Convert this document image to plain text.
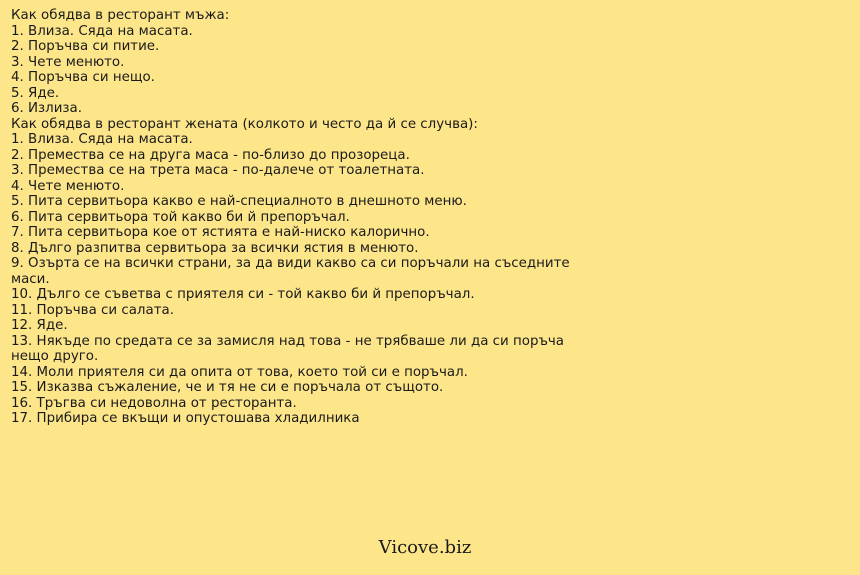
Как обядва в ресторант мъжа:
1. Влиза. Сяда на масата.
2. Поръчва си питие.
3. Чете менюто.
4. Поръчва си нещо.
5. Яде.
6. Излиза.
Как обядва в ресторант жената (колкото и често да й се случва):
1. Влиза. Сяда на масата.
2. Премества се на друга маса - по-близо до прозореца.
3. Премества се на трета маса - по-далече от тоалетната.
4. Чете менюто.
5. Пита сервитьора какво е най-специалното в днешното меню.
6. Пита сервитьора той какво би й препоръчал.
7. Пита сервитьора кое от ястията е най-ниско калорично.
8. Дълго разпитва сервитьора за всички ястия в менюто.
9. Озърта се на всички страни, за да види какво са си поръчали на съседните маси.
10. Дълго се съветва с приятеля си - той какво би й препоръчал.
11. Поръчва си салата.
12. Яде.
13. Някъде по средата се за замисля над това - не трябваше ли да си поръча нещо друго.
14. Моли приятеля си да опита от това, което той си е поръчал.
15. Изказва съжаление, че и тя не си е поръчала от същото.
16. Тръгва си недоволна от ресторанта.
17. Прибира се вкъщи и опустошава хладилника
Vicove.biz
